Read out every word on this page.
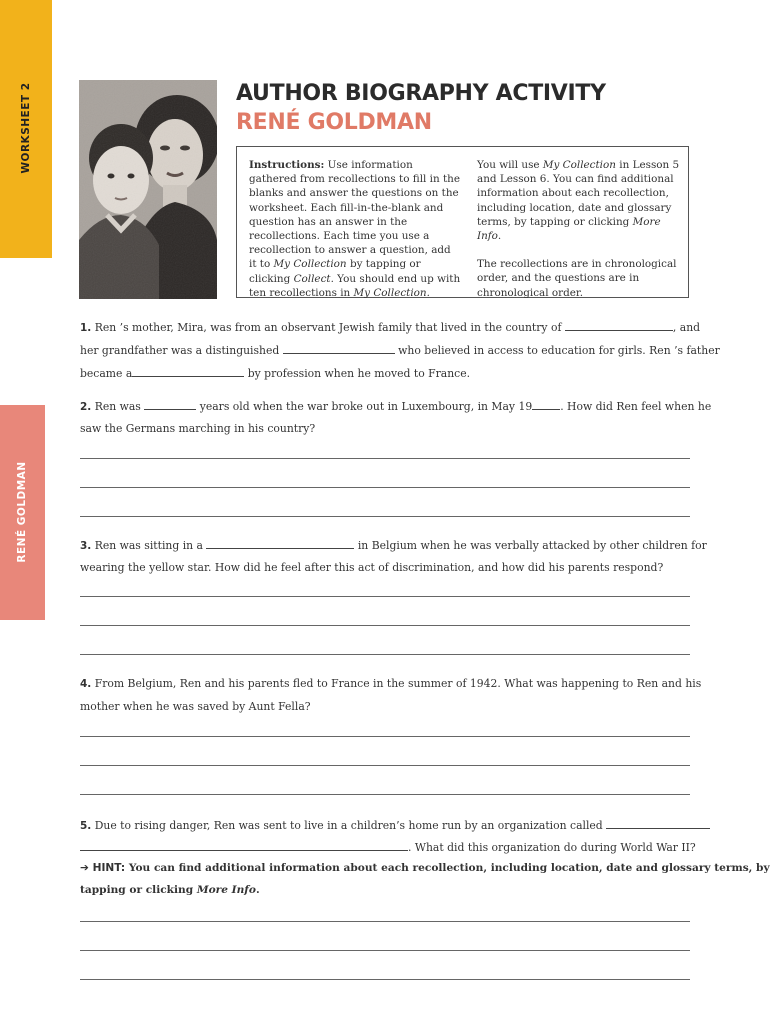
WORKSHEET 2
RENÉ GOLDMAN
AUTHOR BIOGRAPHY ACTIVITY
RENÉ GOLDMAN
Instructions: Use information gathered from recollections to fill in the blanks and answer the questions on the worksheet. Each fill-in-the-blank and question has an answer in the recollections. Each time you use a recollection to answer a question, add it to My Collection by tapping or clicking Collect. You should end up with ten recollections in My Collection.

You will use My Collection in Lesson 5 and Lesson 6. You can find additional information about each recollection, including location, date and glossary terms, by tapping or clicking More Info.

The recollections are in chronological order, and the questions are in chronological order.

1. Ren ’s mother, Mira, was from an observant Jewish family that lived in the country of	, and
her grandfather was a distinguished	who believed in access to education for girls. Ren ’s father
became a	by profession when he moved to France.
2. Ren was	years old when the war broke out in Luxembourg, in May 19	. How did Ren feel when he
saw the Germans marching in his country?
3. Ren was sitting in a	in Belgium when he was verbally attacked by other children for
wearing the yellow star. How did he feel after this act of discrimination, and how did his parents respond?
4. From Belgium, Ren and his parents fled to France in the summer of 1942. What was happening to Ren and his
mother when he was saved by Aunt Fella?
5. Due to rising danger, Ren was sent to live in a children’s home run by an organization called
. What did this organization do during World War II?
➔ HINT: You can find additional information about each recollection, including location, date and glossary terms, by
tapping or clicking More Info.
